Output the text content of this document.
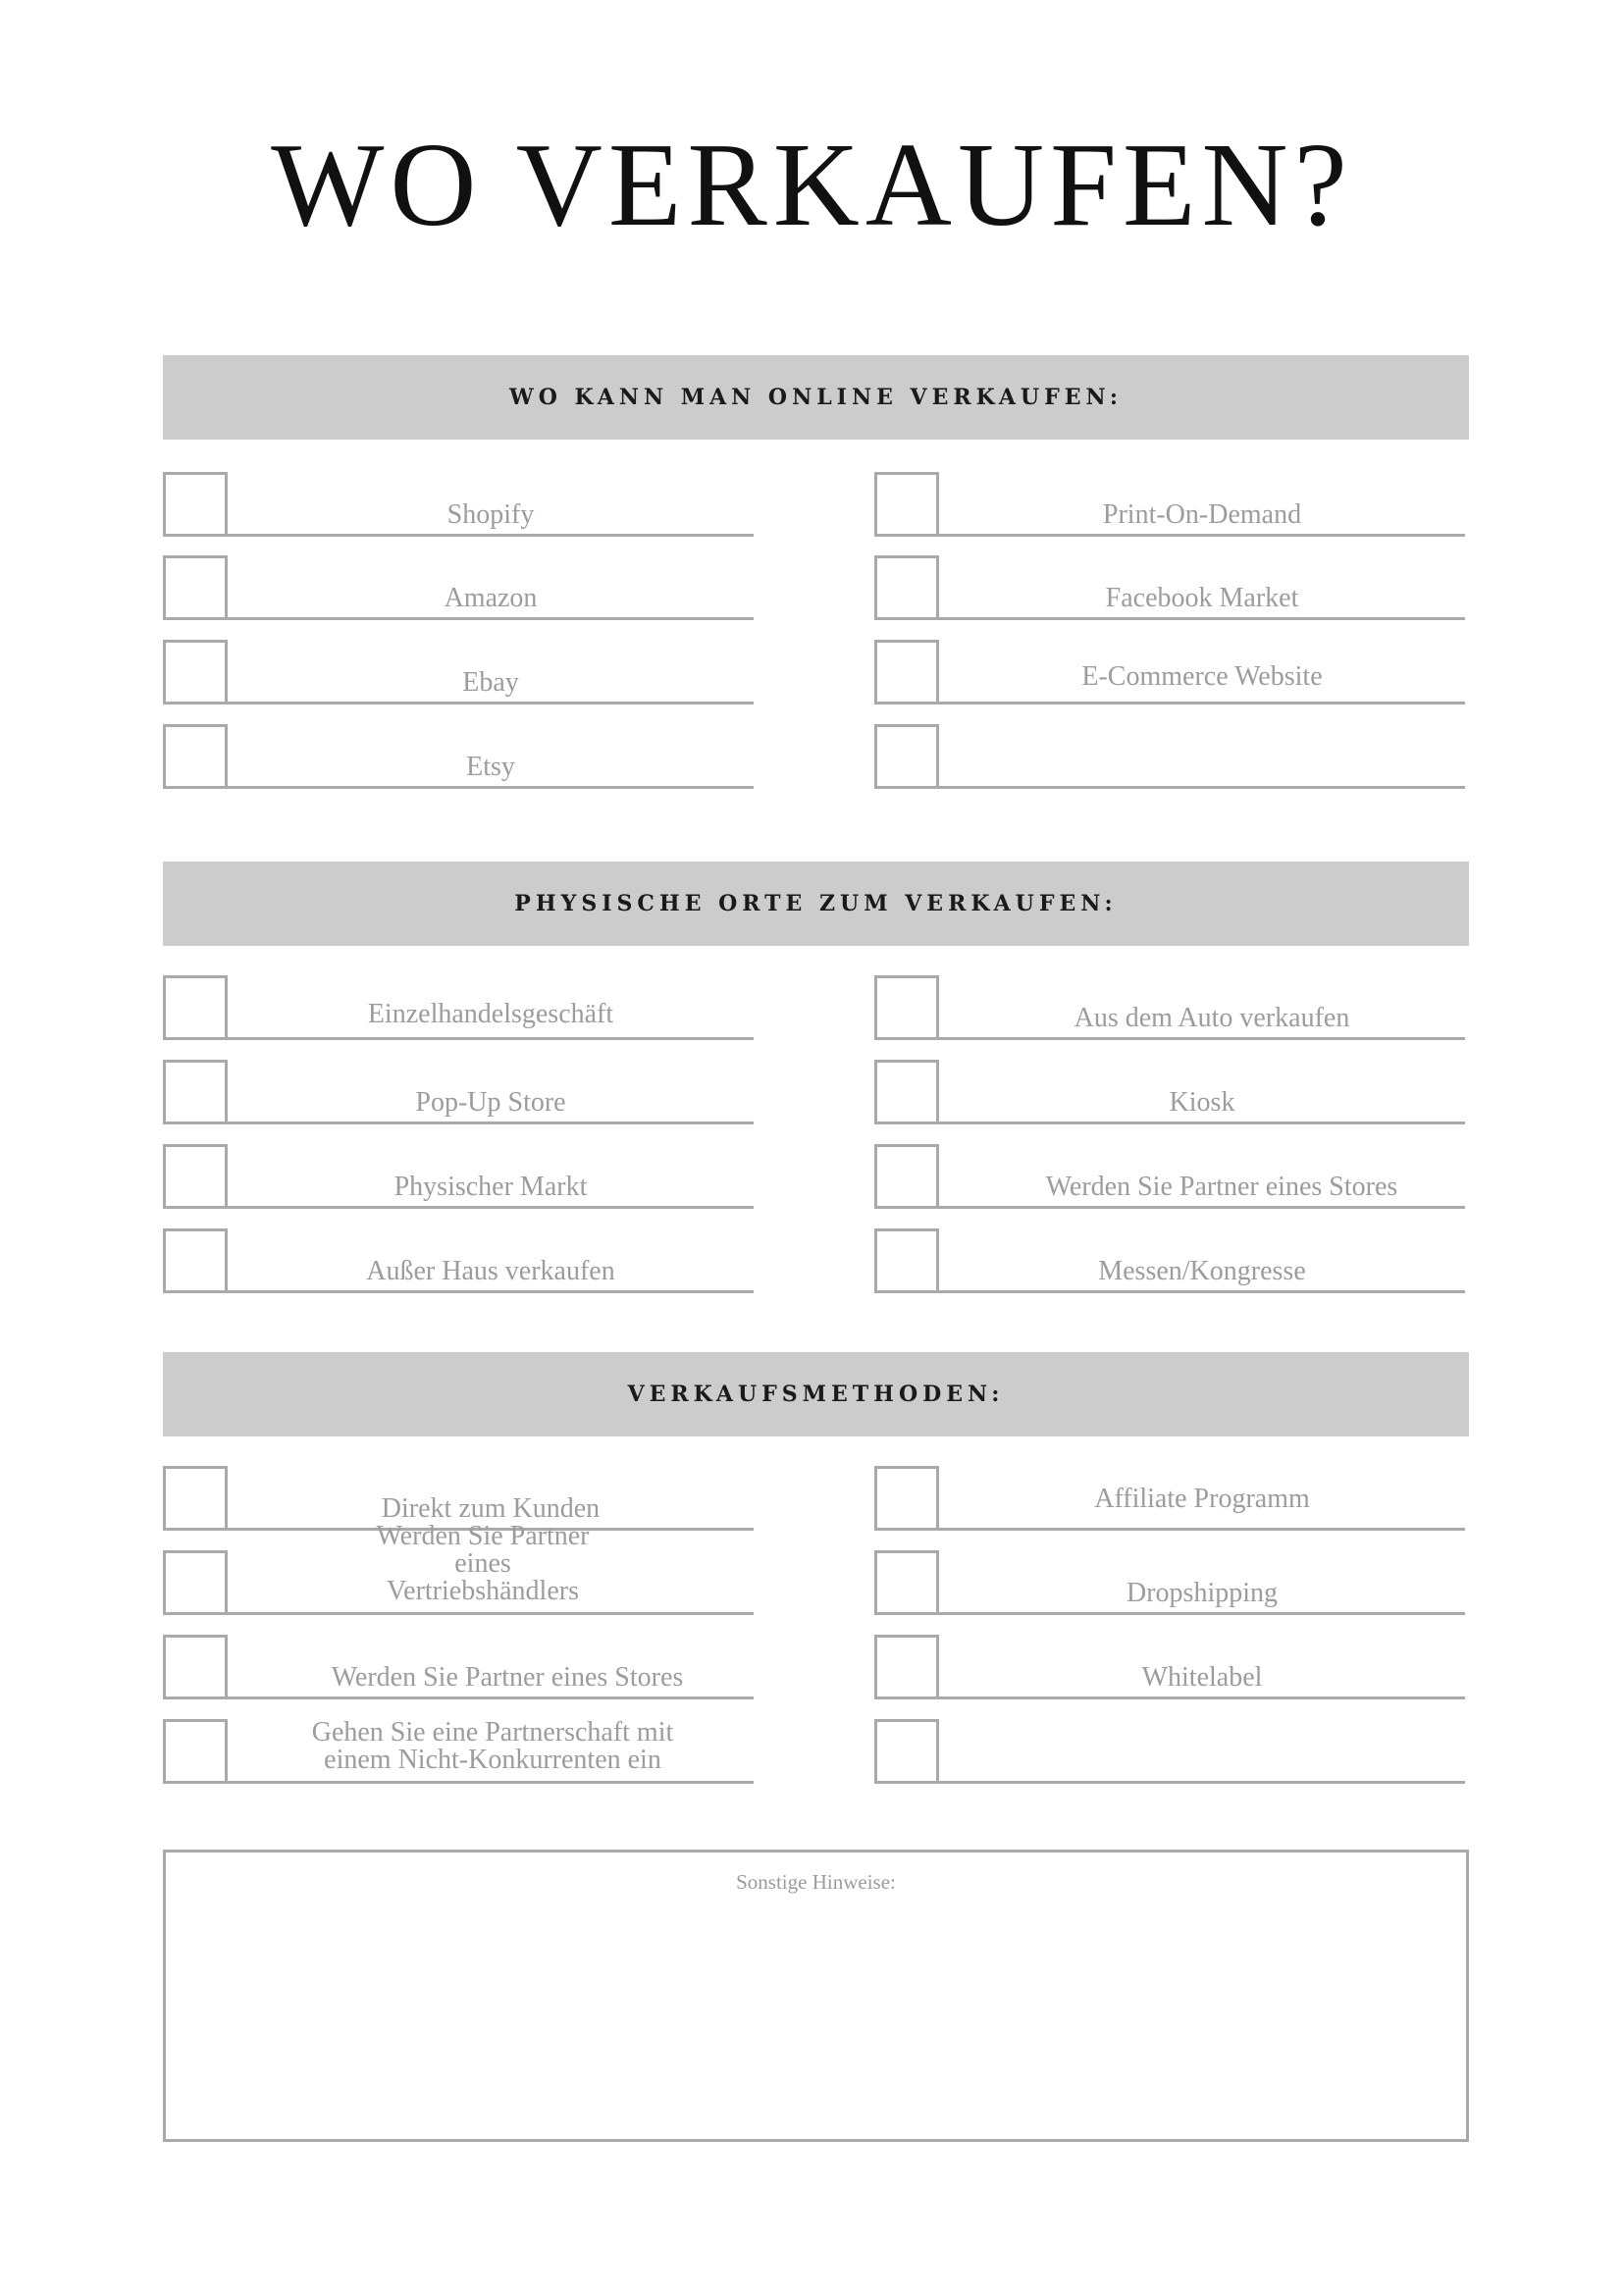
WO VERKAUFEN?
WO KANN MAN ONLINE VERKAUFEN:
Shopify
Amazon
Ebay
Etsy
Print-On-Demand
Facebook Market
E-Commerce Website
PHYSISCHE ORTE ZUM VERKAUFEN:
Einzelhandelsgeschäft
Pop-Up Store
Physischer Markt
Außer Haus verkaufen
Aus dem Auto verkaufen
Kiosk
Werden Sie Partner eines Stores
Messen/Kongresse
VERKAUFSMETHODEN:
Direkt zum Kunden
Werden Sie Partner eines Vertriebshändlers
Werden Sie Partner eines Stores
Gehen Sie eine Partnerschaft mit einem Nicht-Konkurrenten ein
Affiliate Programm
Dropshipping
Whitelabel
Sonstige Hinweise:
